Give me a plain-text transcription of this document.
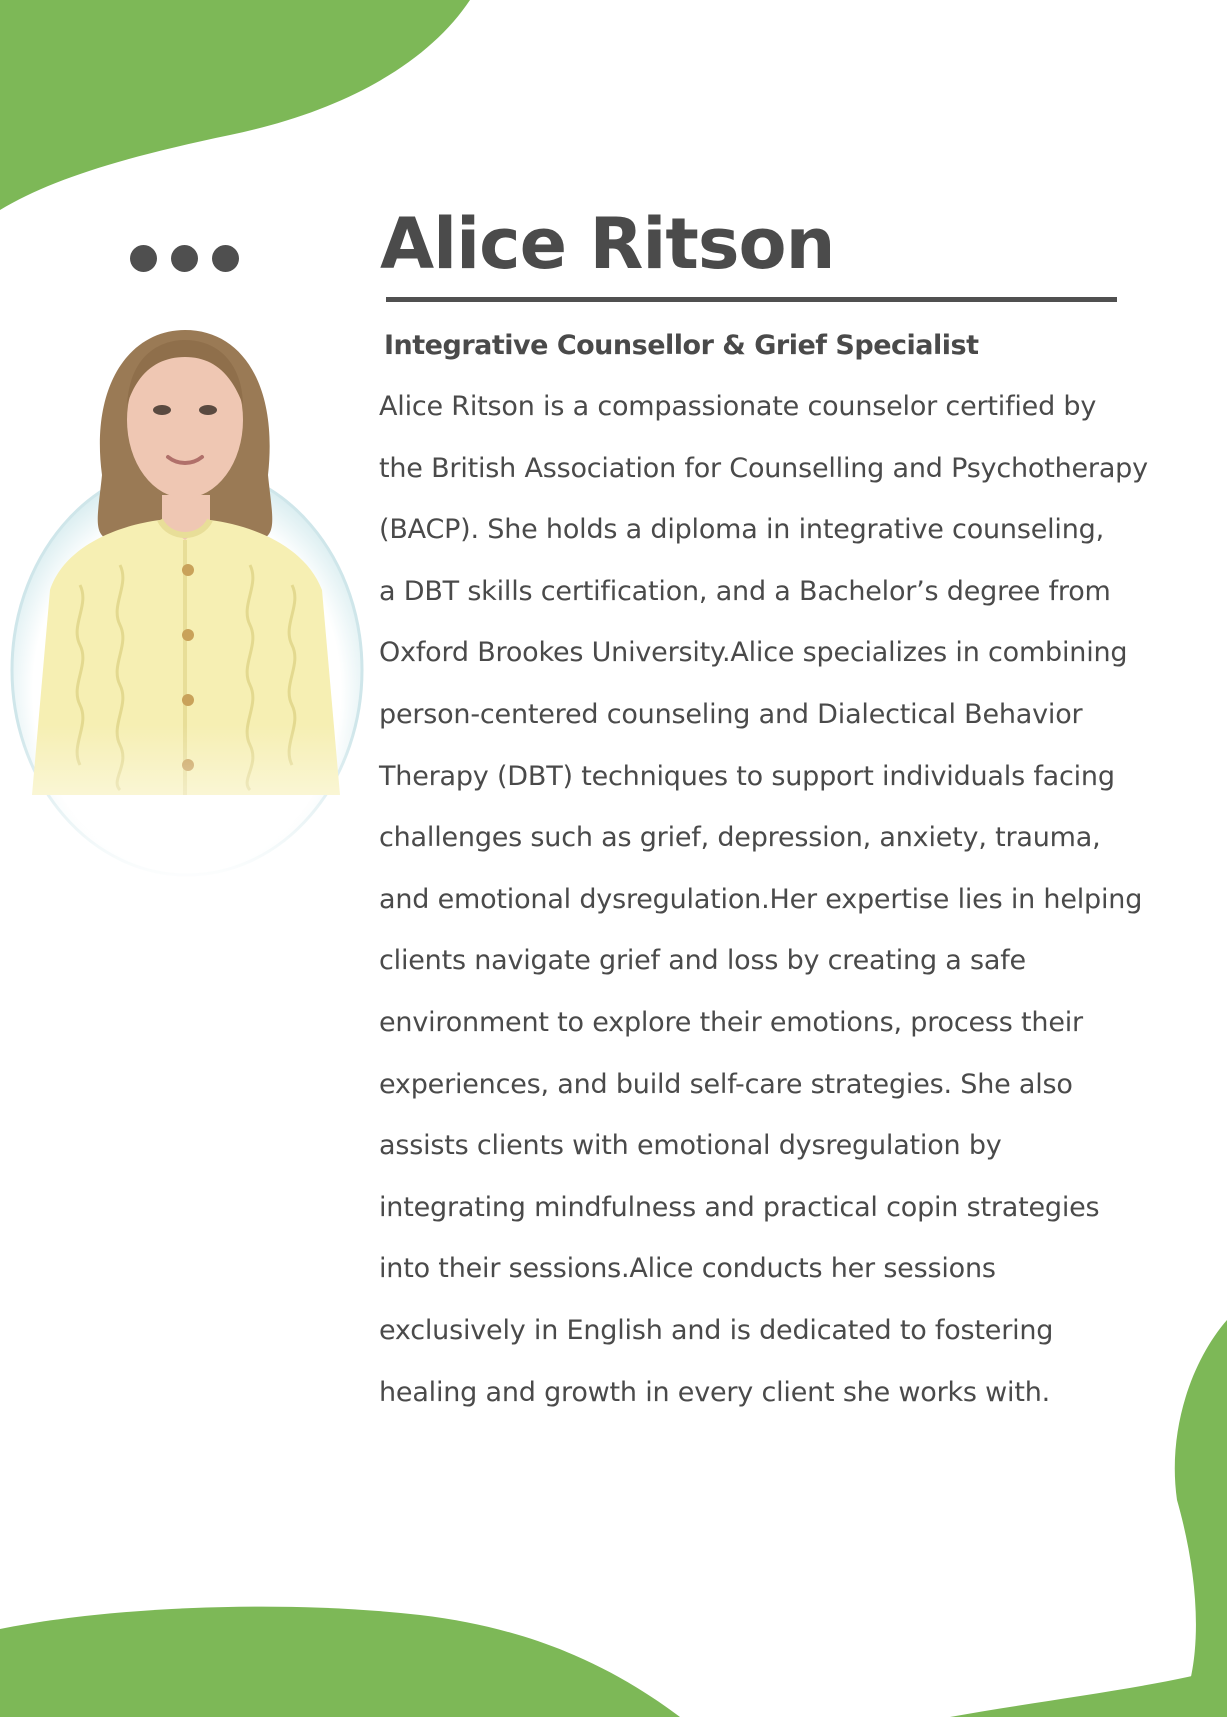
Alice Ritson
Integrative Counsellor & Grief Specialist
Alice Ritson is a compassionate counselor certified by
the British Association for Counselling and Psychotherapy
(BACP). She holds a diploma in integrative counseling,
a DBT skills certification, and a Bachelor’s degree from
Oxford Brookes University.Alice specializes in combining
person-centered counseling and Dialectical Behavior
Therapy (DBT) techniques to support individuals facing
challenges such as grief, depression, anxiety, trauma,
and emotional dysregulation.Her expertise lies in helping
clients navigate grief and loss by creating a safe
environment to explore their emotions, process their
experiences, and build self-care strategies. She also
assists clients with emotional dysregulation by
integrating mindfulness and practical copin strategies
into their sessions.Alice conducts her sessions
exclusively in English and is dedicated to fostering
healing and growth in every client she works with.
